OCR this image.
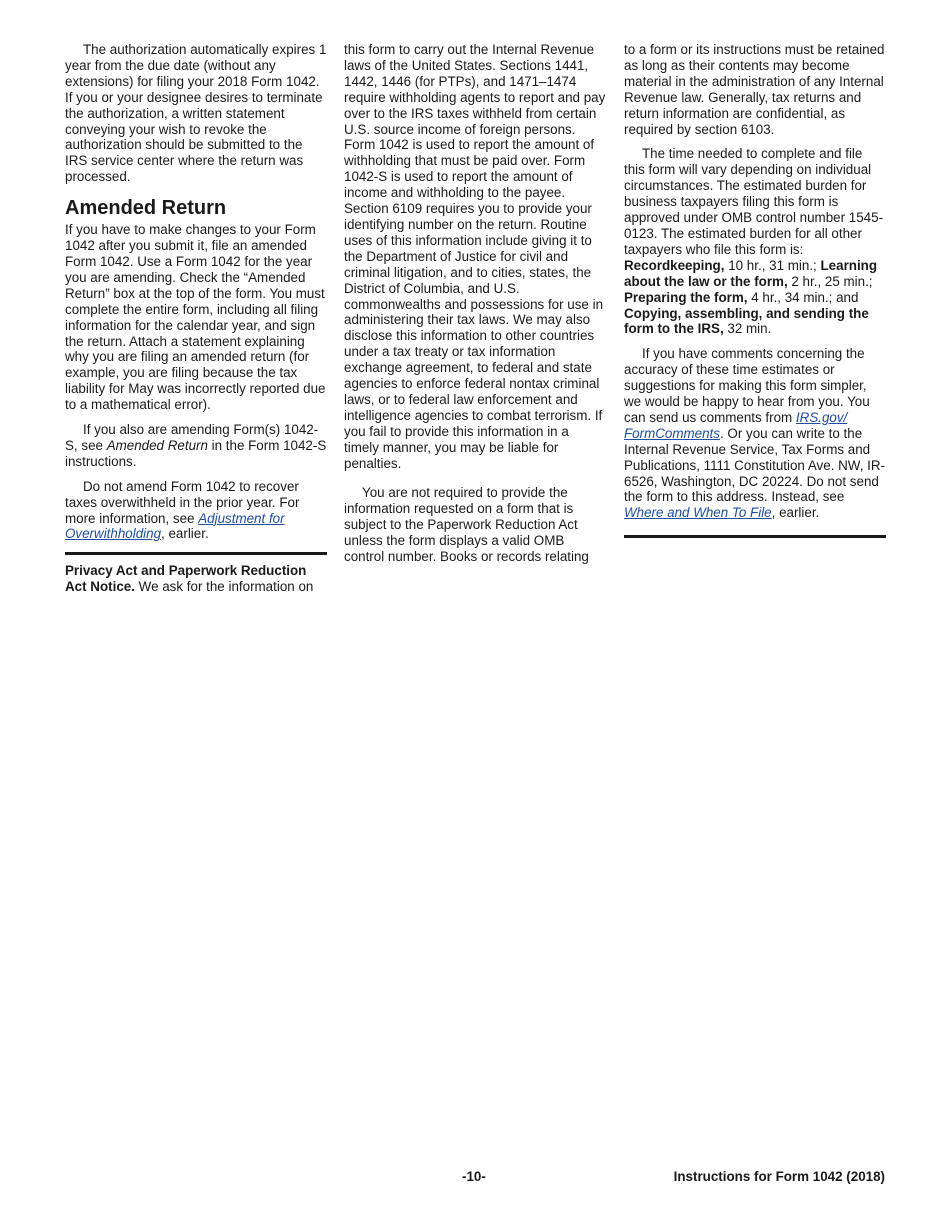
The authorization automatically expires 1 year from the due date (without any extensions) for filing your 2018 Form 1042. If you or your designee desires to terminate the authorization, a written statement conveying your wish to revoke the authorization should be submitted to the IRS service center where the return was processed.

Amended Return

If you have to make changes to your Form 1042 after you submit it, file an amended Form 1042. Use a Form 1042 for the year you are amending. Check the “Amended Return” box at the top of the form. You must complete the entire form, including all filing information for the calendar year, and sign the return. Attach a statement explaining why you are filing an amended return (for example, you are filing because the tax liability for May was incorrectly reported due to a mathematical error).

If you also are amending Form(s) 1042-S, see Amended Return in the Form 1042-S instructions.

Do not amend Form 1042 to recover taxes overwithheld in the prior year. For more information, see Adjustment for Overwithholding, earlier.

Privacy Act and Paperwork Reduction Act Notice. We ask for the information on

this form to carry out the Internal Revenue laws of the United States. Sections 1441, 1442, 1446 (for PTPs), and 1471–1474 require withholding agents to report and pay over to the IRS taxes withheld from certain U.S. source income of foreign persons. Form 1042 is used to report the amount of withholding that must be paid over. Form 1042-S is used to report the amount of income and withholding to the payee. Section 6109 requires you to provide your identifying number on the return. Routine uses of this information include giving it to the Department of Justice for civil and criminal litigation, and to cities, states, the District of Columbia, and U.S. commonwealths and possessions for use in administering their tax laws. We may also disclose this information to other countries under a tax treaty or tax information exchange agreement, to federal and state agencies to enforce federal nontax criminal laws, or to federal law enforcement and intelligence agencies to combat terrorism. If you fail to provide this information in a timely manner, you may be liable for penalties.

You are not required to provide the information requested on a form that is subject to the Paperwork Reduction Act unless the form displays a valid OMB control number. Books or records relating

to a form or its instructions must be retained as long as their contents may become material in the administration of any Internal Revenue law. Generally, tax returns and return information are confidential, as required by section 6103.

The time needed to complete and file this form will vary depending on individual circumstances. The estimated burden for business taxpayers filing this form is approved under OMB control number 1545-0123. The estimated burden for all other taxpayers who file this form is: Recordkeeping, 10 hr., 31 min.; Learning about the law or the form, 2 hr., 25 min.; Preparing the form, 4 hr., 34 min.; and Copying, assembling, and sending the form to the IRS, 32 min.

If you have comments concerning the accuracy of these time estimates or suggestions for making this form simpler, we would be happy to hear from you. You can send us comments from IRS.gov/ FormComments. Or you can write to the Internal Revenue Service, Tax Forms and Publications, 1111 Constitution Ave. NW, IR-6526, Washington, DC 20224. Do not send the form to this address. Instead, see Where and When To File, earlier.

-10-	Instructions for Form 1042 (2018)
